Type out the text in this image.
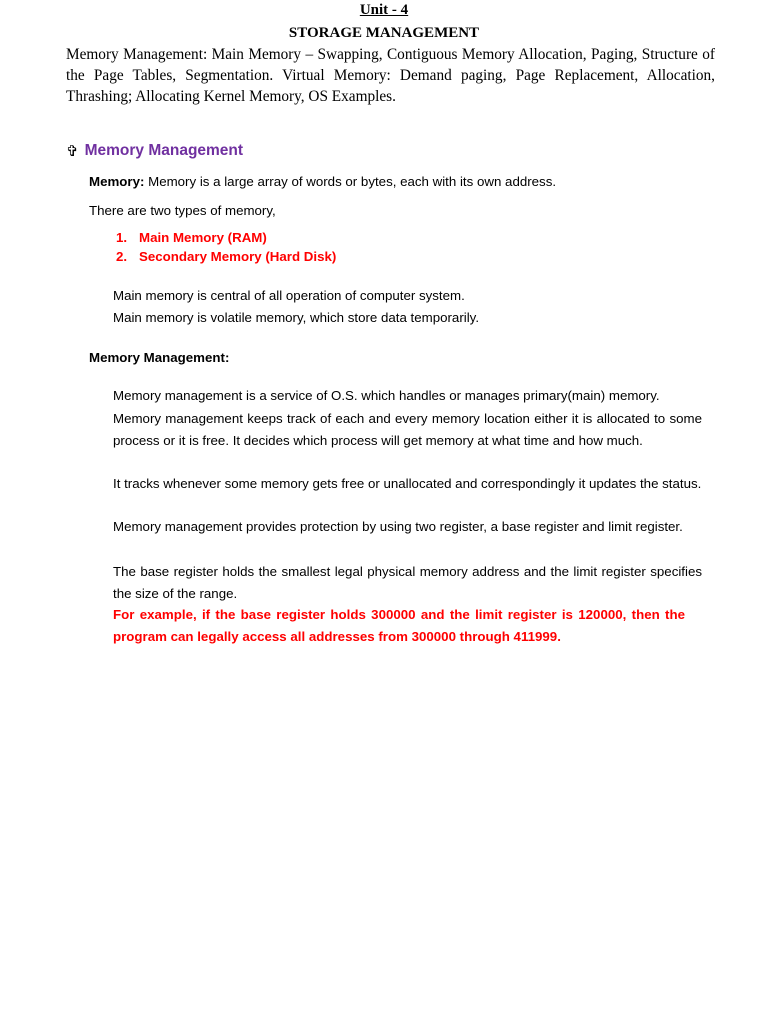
Unit - 4
STORAGE MANAGEMENT
Memory Management: Main Memory – Swapping, Contiguous Memory Allocation, Paging, Structure of the Page Tables, Segmentation. Virtual Memory: Demand paging, Page Replacement, Allocation, Thrashing; Allocating Kernel Memory, OS Examples.
✞ Memory Management
Memory: Memory is a large array of words or bytes, each with its own address.
There are two types of memory,
1. Main Memory (RAM)
2. Secondary Memory (Hard Disk)
Main memory is central of all operation of computer system.
Main memory is volatile memory, which store data temporarily.
Memory Management:
Memory management is a service of O.S. which handles or manages primary(main) memory.
Memory management keeps track of each and every memory location either it is allocated to some process or it is free. It decides which process will get memory at what time and how much.
It tracks whenever some memory gets free or unallocated and correspondingly it updates the status.
Memory management provides protection by using two register, a base register and limit register.
The base register holds the smallest legal physical memory address and the limit register specifies the size of the range.
For example, if the base register holds 300000 and the limit register is 120000, then the program can legally access all addresses from 300000 through 411999.
